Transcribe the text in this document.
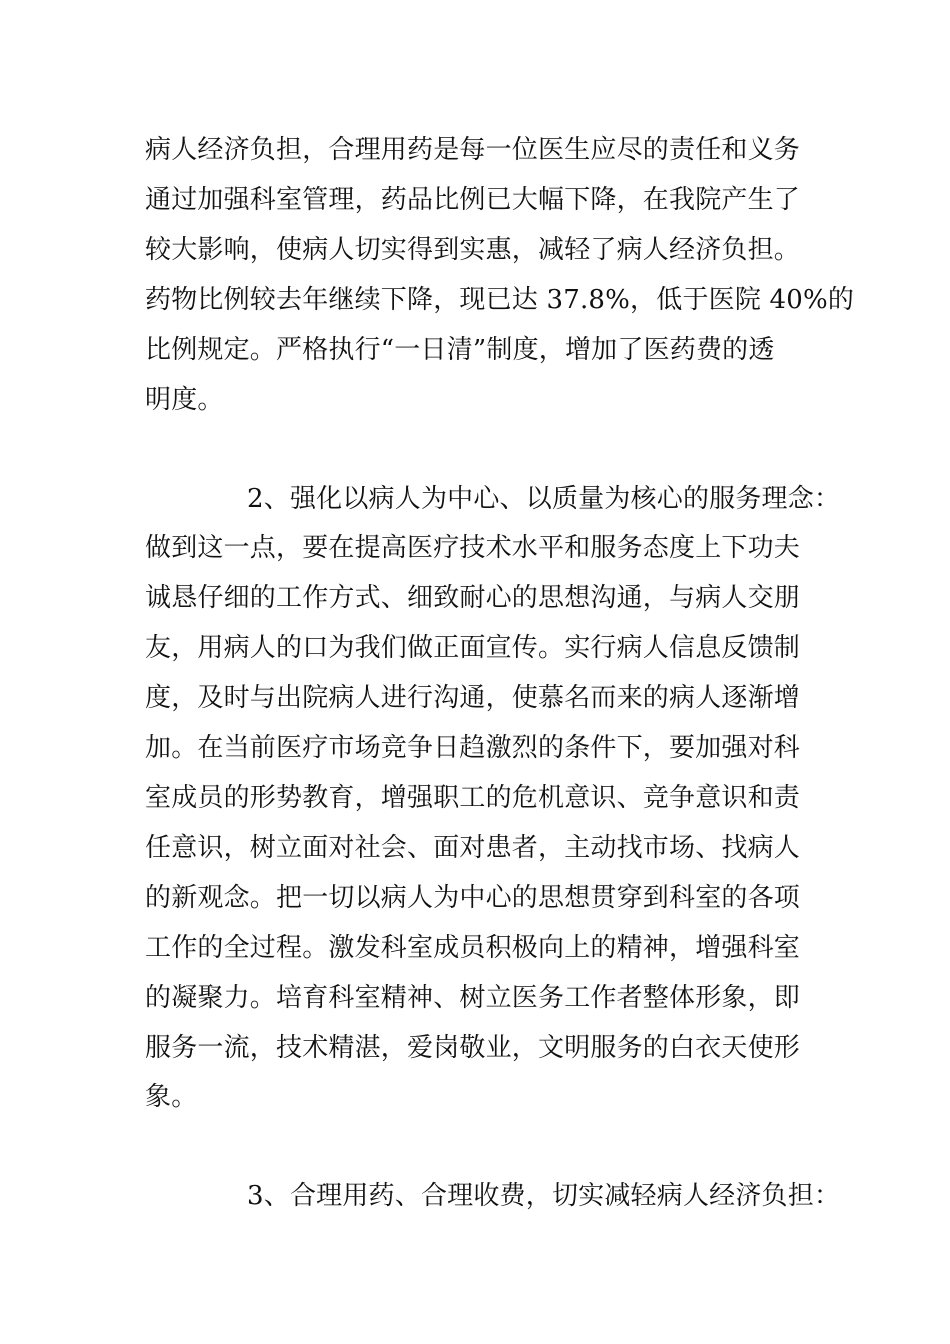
病人经济负担，合理用药是每一位医生应尽的责任和义务
通过加强科室管理，药品比例已大幅下降，在我院产生了
较大影响，使病人切实得到实惠，减轻了病人经济负担。
药物比例较去年继续下降，现已达 37.8%，低于医院 40%的
比例规定。严格执行“一日清”制度，增加了医药费的透
明度。
2、强化以病人为中心、以质量为核心的服务理念：
做到这一点，要在提高医疗技术水平和服务态度上下功夫
诚恳仔细的工作方式、细致耐心的思想沟通，与病人交朋
友，用病人的口为我们做正面宣传。实行病人信息反馈制
度，及时与出院病人进行沟通，使慕名而来的病人逐渐增
加。在当前医疗市场竞争日趋激烈的条件下，要加强对科
室成员的形势教育，增强职工的危机意识、竞争意识和责
任意识，树立面对社会、面对患者，主动找市场、找病人
的新观念。把一切以病人为中心的思想贯穿到科室的各项
工作的全过程。激发科室成员积极向上的精神，增强科室
的凝聚力。培育科室精神、树立医务工作者整体形象，即
服务一流，技术精湛，爱岗敬业，文明服务的白衣天使形
象。
3、合理用药、合理收费，切实减轻病人经济负担：
